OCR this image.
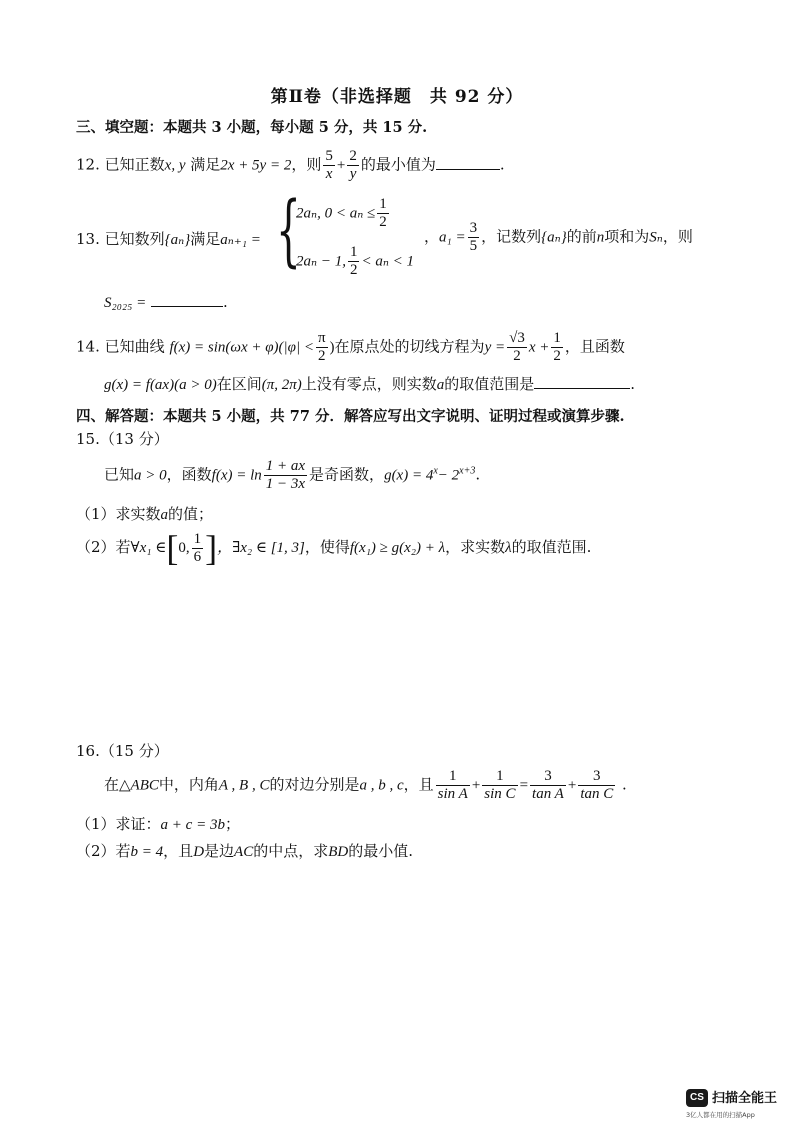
第Ⅱ卷（非选择题　共 92 分）
三、填空题：本题共 3 小题，每小题 5 分，共 15 分.
12. 已知正数x, y 满足2x + 5y = 2，则 $\frac{5}{x} + \frac{2}{y}$ 的最小值为	.
13. 已知数列{aₙ}满足aₙ₊₁ = {
2aₙ, $0 < a_n \le \frac{1}{2}$
2aₙ − 1, $\frac{1}{2} < a_n < 1$
，$a_1 = \frac{3}{5}$ ，记数列{aₙ}的前n项和为Sₙ，则
S₂₀₂₅ =	.
14. 已知曲线 $f(x) = \sin(\omega x + \varphi)(|\varphi| < \frac{\pi}{2}$ )在原点处的切线方程为$y = \frac{√3}{2}$ $x + \frac{1}{2}$ ，且函数
g(x) = f(ax)(a > 0)在区间(π, 2π)上没有零点，则实数a的取值范围是	.
四、解答题：本题共 5 小题，共 77 分．解答应写出文字说明、证明过程或演算步骤.
15.（13 分）
已知a > 0，函数$f(x) = \ln \frac{1 + ax}{1 - 3x}$ 是奇函数，$g(x) = 4^x- 2^{x+3}$.
（1）求实数a的值；
（2）若∀x₁ ∈[0, $\frac{1}{6}$ ]，∃x₂ ∈ [1, 3]，使得f(x₁) ≥ g(x₂) + λ，求实数λ的取值范围.
16.（15 分）
在△ABC中，内角A , B , C的对边分别是a , b , c，且 $\frac{1}{\text{sin A}} + \frac{1}{\text{sin C}} = \frac{3}{\text{tan A}} + \frac{3}{\text{tan C}}$ .
（1）求证：a + c = 3b；
（2）若b = 4，且D是边AC的中点，求BD的最小值.
CS 扫描全能王
3亿人都在用的扫描App
